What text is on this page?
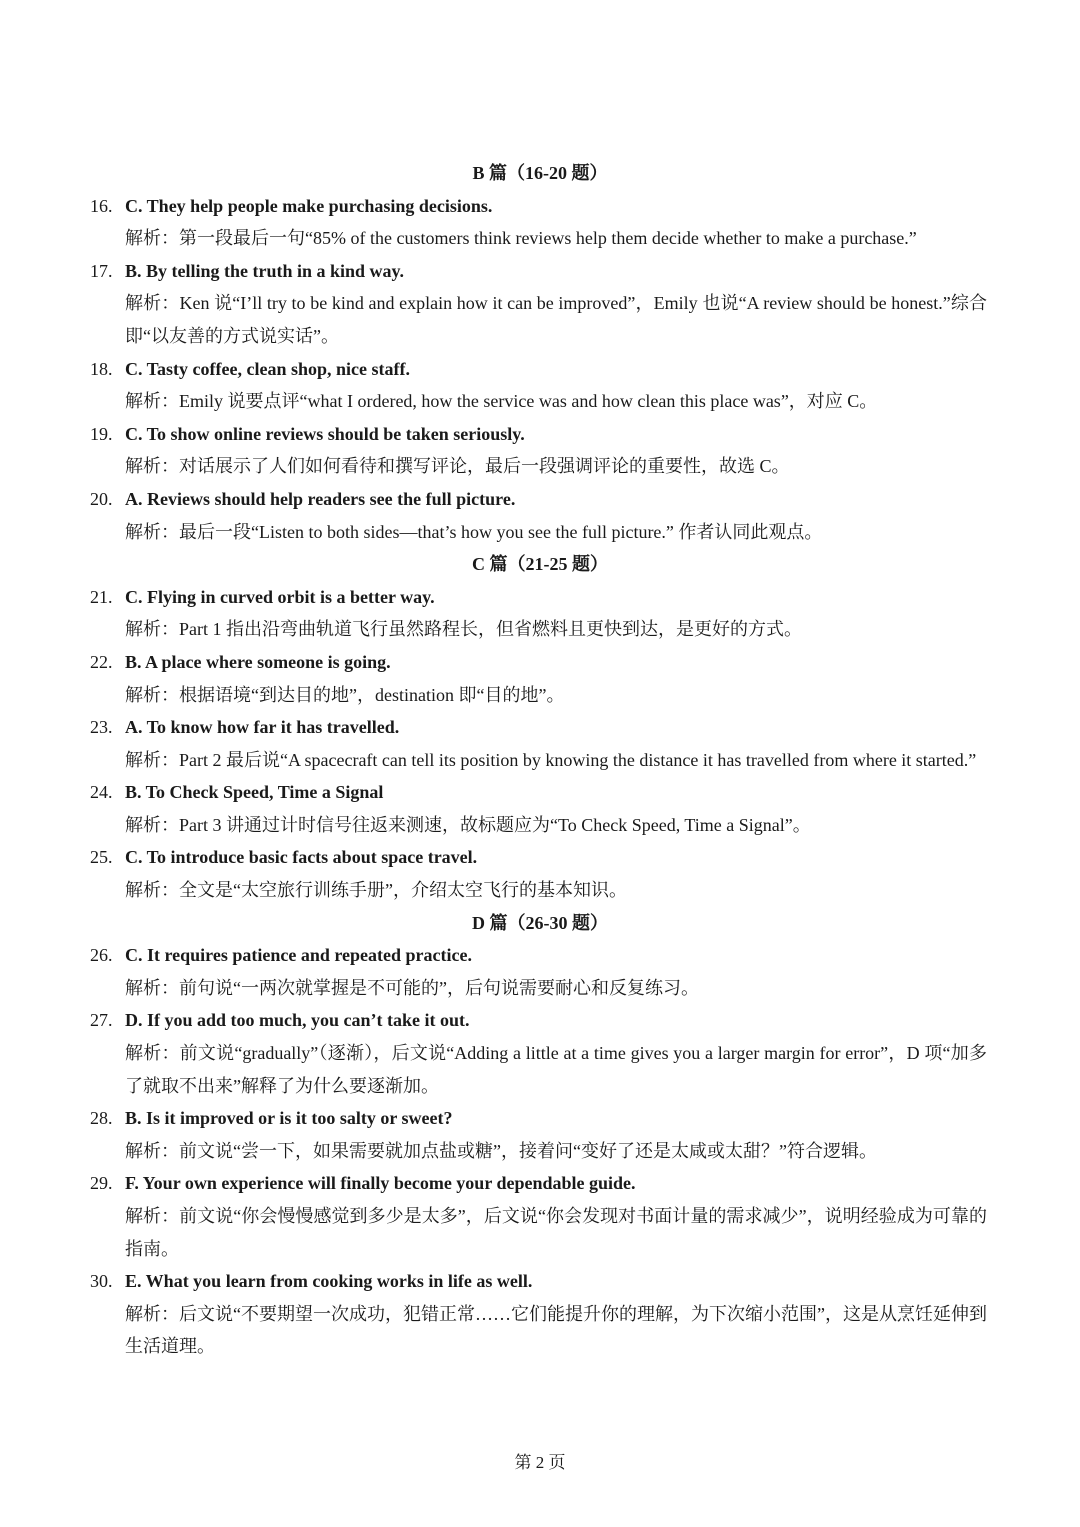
B 篇（16-20 题）
16. C. They help people make purchasing decisions.
解析：第一段最后一句“85% of the customers think reviews help them decide whether to make a purchase.”
17. B. By telling the truth in a kind way.
解析：Ken 说“I’ll try to be kind and explain how it can be improved”，Emily 也说“A review should be honest.”综合即“以友善的方式说实话”。
18. C. Tasty coffee, clean shop, nice staff.
解析：Emily 说要点评“what I ordered, how the service was and how clean this place was”，对应 C。
19. C. To show online reviews should be taken seriously.
解析：对话展示了人们如何看待和撰写评论，最后一段强调评论的重要性，故选 C。
20. A. Reviews should help readers see the full picture.
解析：最后一段“Listen to both sides—that’s how you see the full picture.” 作者认同此观点。
C 篇（21-25 题）
21. C. Flying in curved orbit is a better way.
解析：Part 1 指出沿弯曲轨道飞行虽然路程长，但省燃料且更快到达，是更好的方式。
22. B. A place where someone is going.
解析：根据语境“到达目的地”，destination 即“目的地”。
23. A. To know how far it has travelled.
解析：Part 2 最后说“A spacecraft can tell its position by knowing the distance it has travelled from where it started.”
24. B. To Check Speed, Time a Signal
解析：Part 3 讲通过计时信号往返来测速，故标题应为“To Check Speed, Time a Signal”。
25. C. To introduce basic facts about space travel.
解析：全文是“太空旅行训练手册”，介绍太空飞行的基本知识。
D 篇（26-30 题）
26. C. It requires patience and repeated practice.
解析：前句说“一两次就掌握是不可能的”，后句说需要耐心和反复练习。
27. D. If you add too much, you can’t take it out.
解析：前文说“gradually”（逐渐），后文说“Adding a little at a time gives you a larger margin for error”，D 项“加多了就取不出来”解释了为什么要逐渐加。
28. B. Is it improved or is it too salty or sweet?
解析：前文说“尝一下，如果需要就加点盐或糖”，接着问“变好了还是太咸或太甜？”符合逻辑。
29. F. Your own experience will finally become your dependable guide.
解析：前文说“你会慢慢感觉到多少是太多”，后文说“你会发现对书面计量的需求减少”，说明经验成为可靠的指南。
30. E. What you learn from cooking works in life as well.
解析：后文说“不要期望一次成功，犯错正常……它们能提升你的理解，为下次缩小范围”，这是从烹饪延伸到生活道理。
第 2 页
